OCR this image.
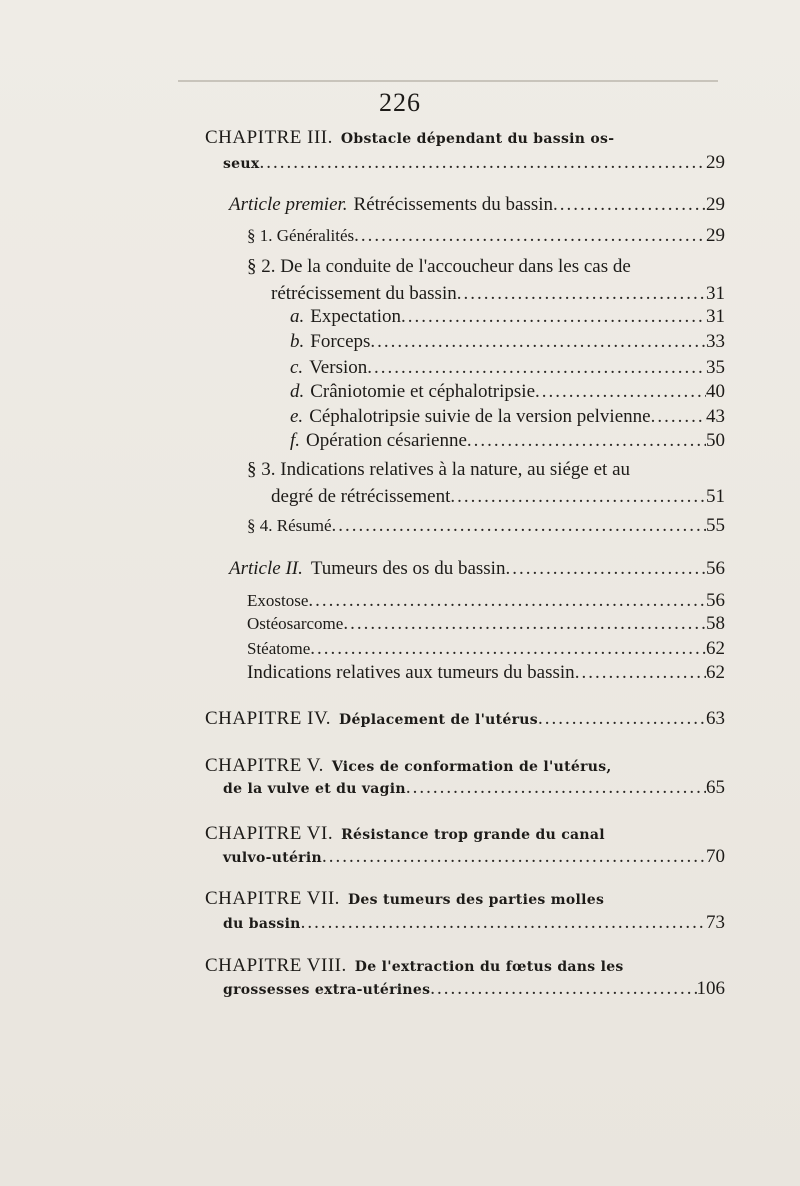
226
CHAPITRE III. Obstacle dépendant du bassin os-
seux .....	29
Article premier. Rétrécissements du bassin .....	29
§ 1. Généralités .....	29
§ 2. De la conduite de l'accoucheur dans les cas de
rétrécissement du bassin .....	31
a. Expectation .....	31
b. Forceps .....	33
c. Version .....	35
d. Crâniotomie et céphalotripsie .....	40
e. Céphalotripsie suivie de la version pelvienne .....	43
f. Opération césarienne .....	50
§ 3. Indications relatives à la nature, au siége et au
degré de rétrécissement .....	51
§ 4. Résumé .....	55
Article II. Tumeurs des os du bassin .....	56
Exostose .....	56
Ostéosarcome .....	58
Stéatome .....	62
Indications relatives aux tumeurs du bassin .....	62
CHAPITRE IV. Déplacement de l'utérus .....	63
CHAPITRE V. Vices de conformation de l'utérus,
de la vulve et du vagin .....	65
CHAPITRE VI. Résistance trop grande du canal
vulvo-utérin .....	70
CHAPITRE VII. Des tumeurs des parties molles
du bassin .....	73
CHAPITRE VIII. De l'extraction du fœtus dans les
grossesses extra-utérines .....	106
